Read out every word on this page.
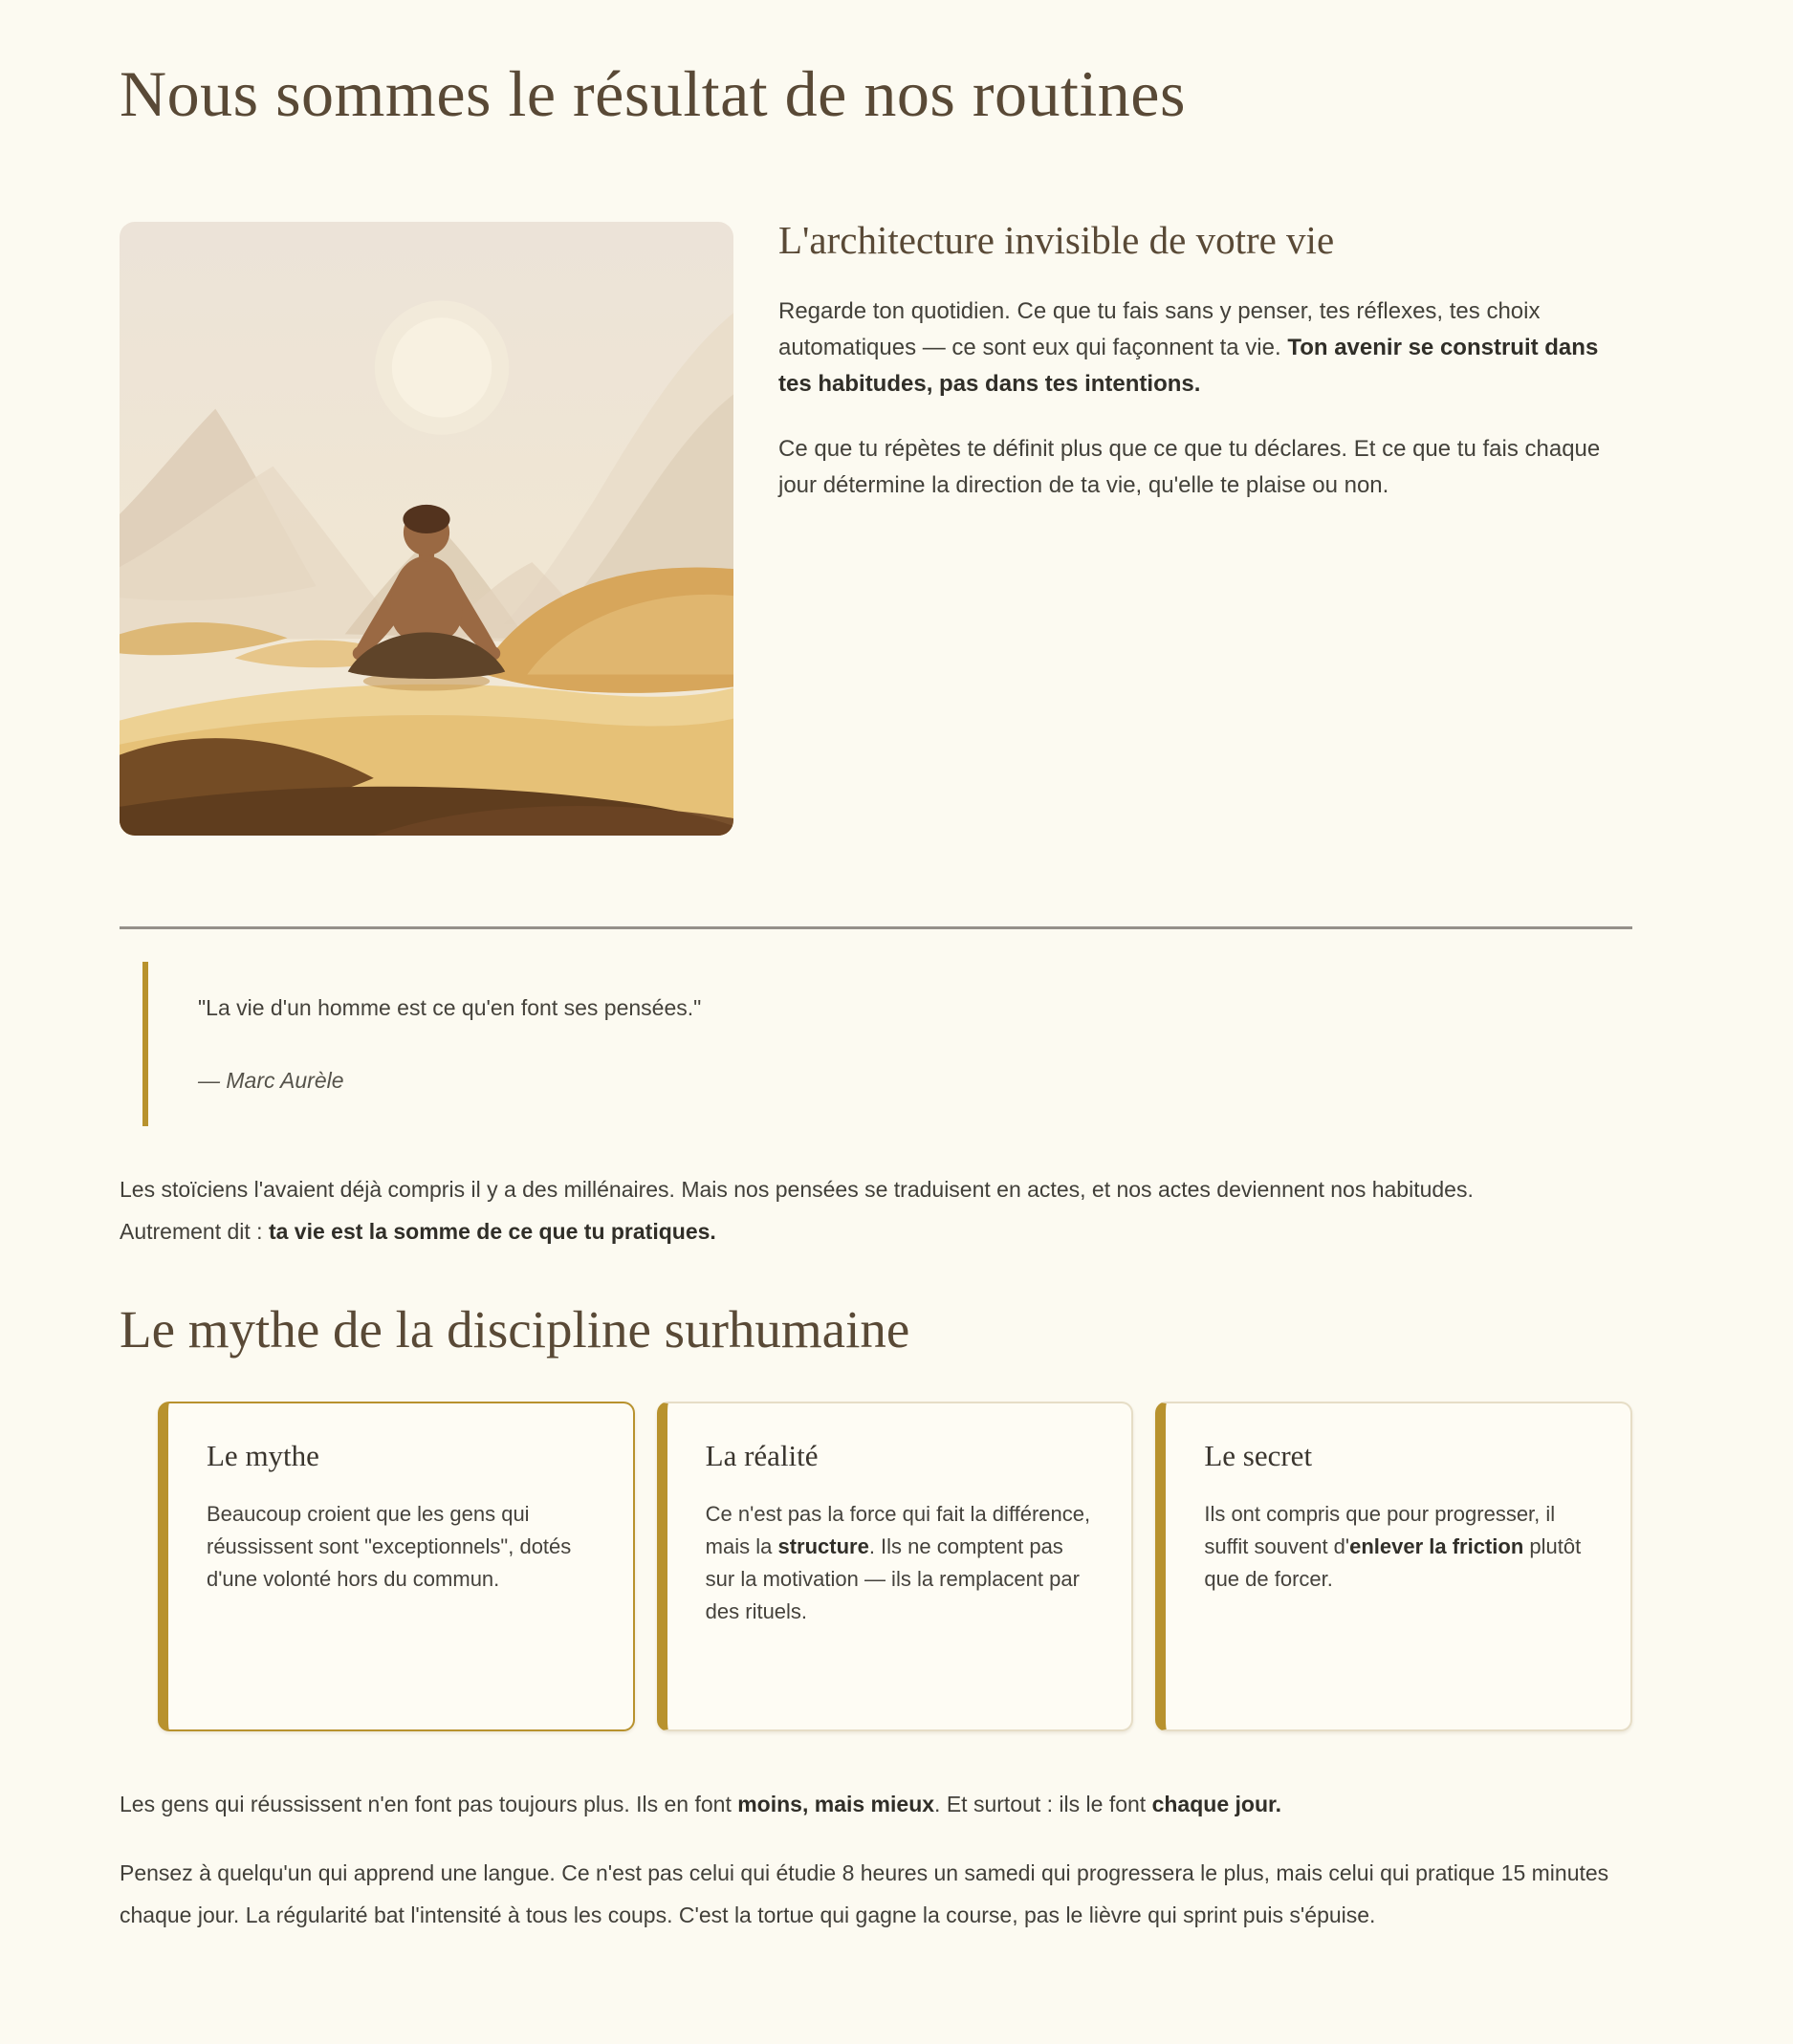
Nous sommes le résultat de nos routines
L'architecture invisible de votre vie

Regarde ton quotidien. Ce que tu fais sans y penser, tes réflexes, tes choix automatiques — ce sont eux qui façonnent ta vie. Ton avenir se construit dans tes habitudes, pas dans tes intentions.

Ce que tu répètes te définit plus que ce que tu déclares. Et ce que tu fais chaque jour détermine la direction de ta vie, qu'elle te plaise ou non.

"La vie d'un homme est ce qu'en font ses pensées."

— Marc Aurèle

Les stoïciens l'avaient déjà compris il y a des millénaires. Mais nos pensées se traduisent en actes, et nos actes deviennent nos habitudes. Autrement dit : ta vie est la somme de ce que tu pratiques.

Le mythe de la discipline surhumaine
Le mythe

Beaucoup croient que les gens qui réussissent sont "exceptionnels", dotés d'une volonté hors du commun.

La réalité

Ce n'est pas la force qui fait la différence, mais la structure. Ils ne comptent pas sur la motivation — ils la remplacent par des rituels.

Le secret

Ils ont compris que pour progresser, il suffit souvent d'enlever la friction plutôt que de forcer.

Les gens qui réussissent n'en font pas toujours plus. Ils en font moins, mais mieux. Et surtout : ils le font chaque jour.

Pensez à quelqu'un qui apprend une langue. Ce n'est pas celui qui étudie 8 heures un samedi qui progressera le plus, mais celui qui pratique 15 minutes chaque jour. La régularité bat l'intensité à tous les coups. C'est la tortue qui gagne la course, pas le lièvre qui sprint puis s'épuise.
